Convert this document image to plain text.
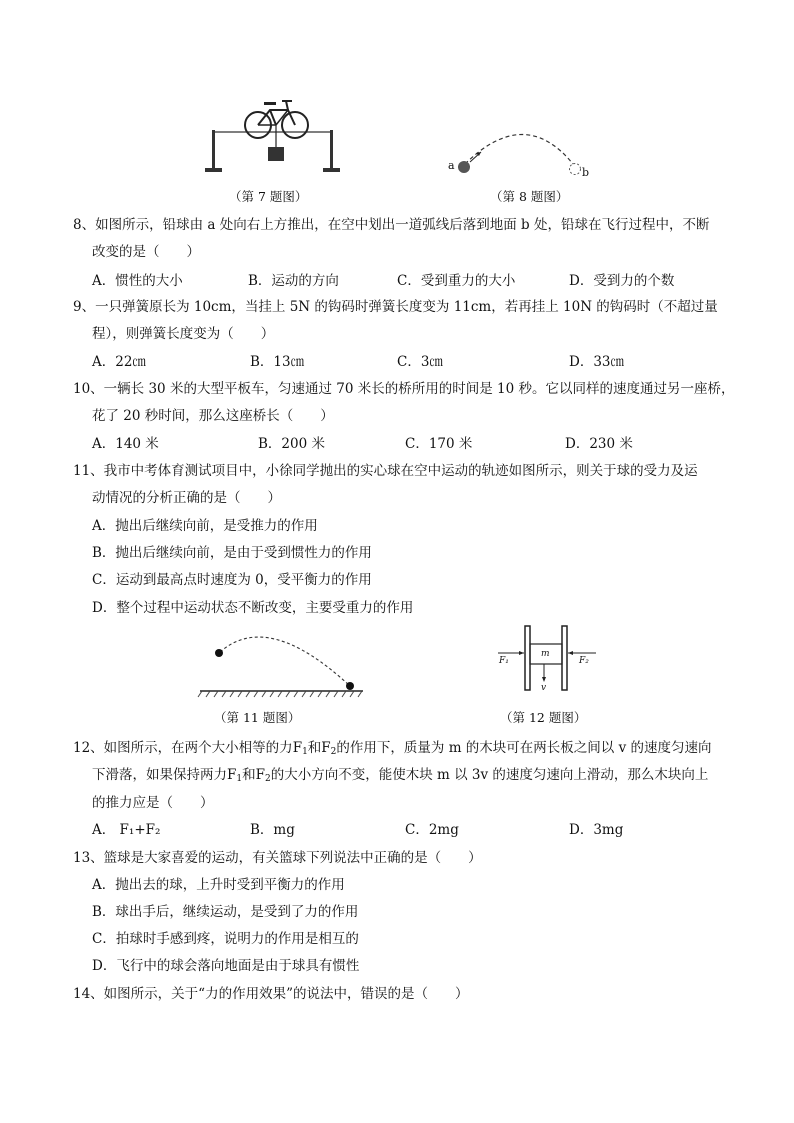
（第 7 题图）
a
b
（第 8 题图）
8、如图所示，铅球由 a 处向右上方推出，在空中划出一道弧线后落到地面 b 处，铅球在飞行过程中，不断
改变的是（　　）
A．惯性的大小	B．运动的方向	C．受到重力的大小	D．受到力的个数
9、一只弹簧原长为 10cm，当挂上 5N 的钩码时弹簧长度变为 11cm，若再挂上 10N 的钩码时（不超过量
程），则弹簧长度变为（　　）
A．22㎝	B．13㎝	C．3㎝	D．33㎝
10、一辆长 30 米的大型平板车，匀速通过 70 米长的桥所用的时间是 10 秒。它以同样的速度通过另一座桥，
花了 20 秒时间，那么这座桥长（　　）
A．140 米	B．200 米	C．170 米	D．230 米
11、我市中考体育测试项目中，小徐同学抛出的实心球在空中运动的轨迹如图所示，则关于球的受力及运
动情况的分析正确的是（　　）
A．抛出后继续向前，是受推力的作用
B．抛出后继续向前，是由于受到惯性力的作用
C．运动到最高点时速度为 0，受平衡力的作用
D．整个过程中运动状态不断改变，主要受重力的作用
（第 11 题图）
m
v
F₁	F₂
（第 12 题图）
12、如图所示，在两个大小相等的力$F_1$和$F_2$的作用下，质量为 m 的木块可在两长板之间以 v 的速度匀速向
下滑落，如果保持两力$F_1$和$F_2$的大小方向不变，能使木块 m 以 3v 的速度匀速向上滑动，那么木块向上
的推力应是（　　）
A． F₁+F₂	B．mg	C．2mg	D．3mg
13、篮球是大家喜爱的运动，有关篮球下列说法中正确的是（　　）
A．抛出去的球，上升时受到平衡力的作用
B．球出手后，继续运动，是受到了力的作用
C．拍球时手感到疼，说明力的作用是相互的
D．飞行中的球会落向地面是由于球具有惯性
14、如图所示，关于“力的作用效果”的说法中，错误的是（　　）
